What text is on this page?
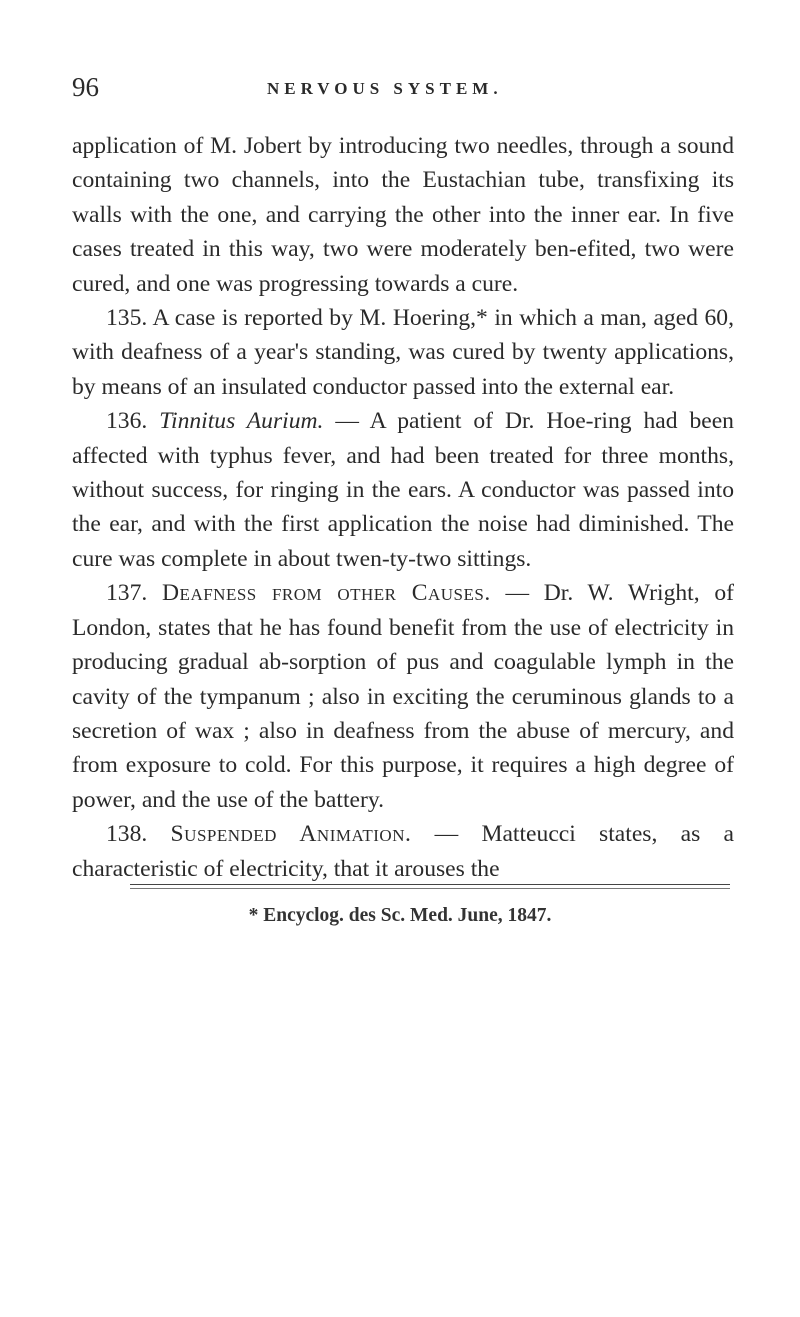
96	NERVOUS SYSTEM.

application of M. Jobert by introducing two needles, through a sound containing two channels, into the Eustachian tube, transfixing its walls with the one, and carrying the other into the inner ear. In five cases treated in this way, two were moderately ben-efited, two were cured, and one was progressing towards a cure.

135. A case is reported by M. Hoering,* in which a man, aged 60, with deafness of a year's standing, was cured by twenty applications, by means of an insulated conductor passed into the external ear.

136. Tinnitus Aurium. — A patient of Dr. Hoe-ring had been affected with typhus fever, and had been treated for three months, without success, for ringing in the ears. A conductor was passed into the ear, and with the first application the noise had diminished. The cure was complete in about twen-ty-two sittings.

137. Deafness from other Causes. — Dr. W. Wright, of London, states that he has found benefit from the use of electricity in producing gradual ab-sorption of pus and coagulable lymph in the cavity of the tympanum ; also in exciting the ceruminous glands to a secretion of wax ; also in deafness from the abuse of mercury, and from exposure to cold. For this purpose, it requires a high degree of power, and the use of the battery.

138. Suspended Animation. — Matteucci states, as a characteristic of electricity, that it arouses the

* Encyclog. des Sc. Med. June, 1847.
